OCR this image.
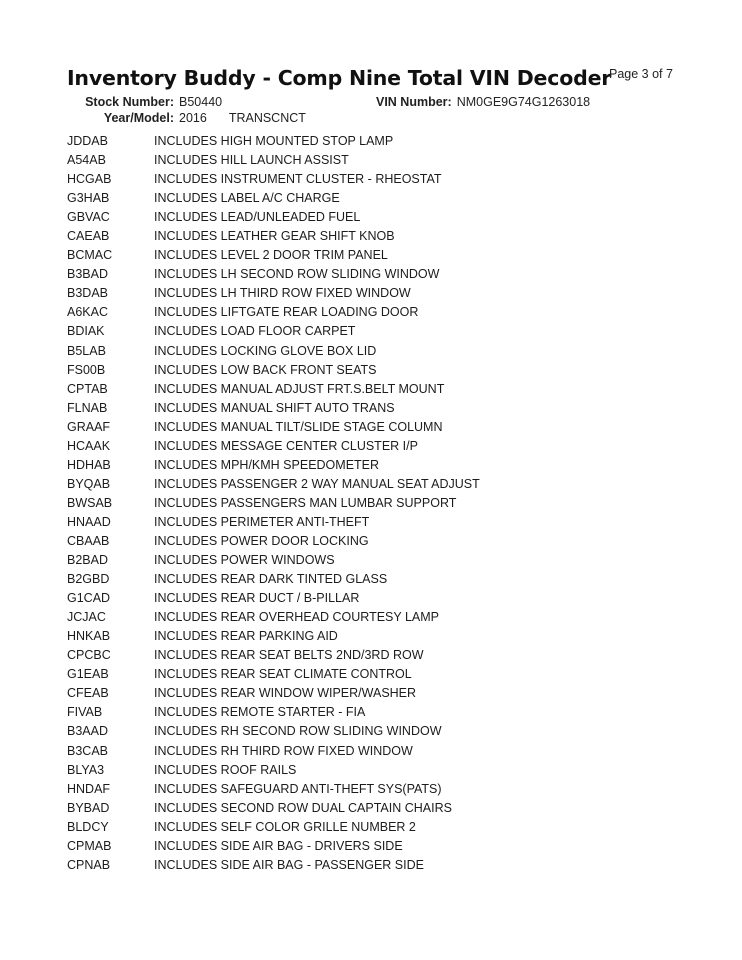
Inventory Buddy - Comp Nine Total VIN Decoder
Page 3 of 7
Stock Number: B50440	VIN Number: NM0GE9G74G1263018
Year/Model: 2016 TRANSCNCT
JDDAB	INCLUDES HIGH MOUNTED STOP LAMP
A54AB	INCLUDES HILL LAUNCH ASSIST
HCGAB	INCLUDES INSTRUMENT CLUSTER - RHEOSTAT
G3HAB	INCLUDES LABEL A/C CHARGE
GBVAC	INCLUDES LEAD/UNLEADED FUEL
CAEAB	INCLUDES LEATHER GEAR SHIFT KNOB
BCMAC	INCLUDES LEVEL 2 DOOR TRIM PANEL
B3BAD	INCLUDES LH SECOND ROW SLIDING WINDOW
B3DAB	INCLUDES LH THIRD ROW FIXED WINDOW
A6KAC	INCLUDES LIFTGATE REAR LOADING DOOR
BDIAK	INCLUDES LOAD FLOOR CARPET
B5LAB	INCLUDES LOCKING GLOVE BOX LID
FS00B	INCLUDES LOW BACK FRONT SEATS
CPTAB	INCLUDES MANUAL ADJUST FRT.S.BELT MOUNT
FLNAB	INCLUDES MANUAL SHIFT AUTO TRANS
GRAAF	INCLUDES MANUAL TILT/SLIDE STAGE COLUMN
HCAAK	INCLUDES MESSAGE CENTER CLUSTER I/P
HDHAB	INCLUDES MPH/KMH SPEEDOMETER
BYQAB	INCLUDES PASSENGER 2 WAY MANUAL SEAT ADJUST
BWSAB	INCLUDES PASSENGERS MAN LUMBAR SUPPORT
HNAAD	INCLUDES PERIMETER ANTI-THEFT
CBAAB	INCLUDES POWER DOOR LOCKING
B2BAD	INCLUDES POWER WINDOWS
B2GBD	INCLUDES REAR DARK TINTED GLASS
G1CAD	INCLUDES REAR DUCT / B-PILLAR
JCJAC	INCLUDES REAR OVERHEAD COURTESY LAMP
HNKAB	INCLUDES REAR PARKING AID
CPCBC	INCLUDES REAR SEAT BELTS 2ND/3RD ROW
G1EAB	INCLUDES REAR SEAT CLIMATE CONTROL
CFEAB	INCLUDES REAR WINDOW WIPER/WASHER
FIVAB	INCLUDES REMOTE STARTER - FIA
B3AAD	INCLUDES RH SECOND ROW SLIDING WINDOW
B3CAB	INCLUDES RH THIRD ROW FIXED WINDOW
BLYA3	INCLUDES ROOF RAILS
HNDAF	INCLUDES SAFEGUARD ANTI-THEFT SYS(PATS)
BYBAD	INCLUDES SECOND ROW DUAL CAPTAIN CHAIRS
BLDCY	INCLUDES SELF COLOR GRILLE NUMBER 2
CPMAB	INCLUDES SIDE AIR BAG - DRIVERS SIDE
CPNAB	INCLUDES SIDE AIR BAG - PASSENGER SIDE
